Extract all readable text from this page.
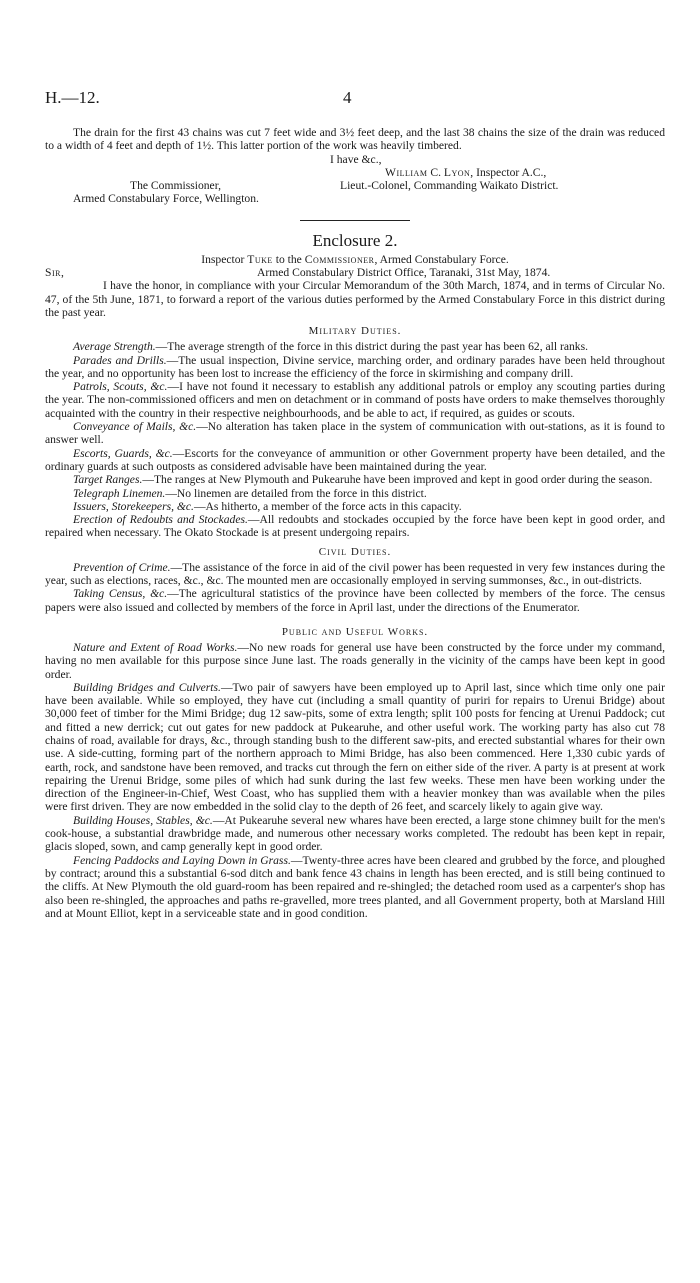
H.—12.	4

The drain for the first 43 chains was cut 7 feet wide and 3½ feet deep, and the last 38 chains the size of the drain was reduced to a width of 4 feet and depth of 1½. This latter portion of the work was heavily timbered.

I have &c.,
William C. Lyon, Inspector A.C.,
The Commissioner,	Lieut.-Colonel, Commanding Waikato District.
Armed Constabulary Force, Wellington.
Enclosure 2.
Inspector Tuke to the Commissioner, Armed Constabulary Force.
Sir,	Armed Constabulary District Office, Taranaki, 31st May, 1874.

I have the honor, in compliance with your Circular Memorandum of the 30th March, 1874, and in terms of Circular No. 47, of the 5th June, 1871, to forward a report of the various duties performed by the Armed Constabulary Force in this district during the past year.

Military Duties.

Average Strength.—The average strength of the force in this district during the past year has been 62, all ranks.

Parades and Drills.—The usual inspection, Divine service, marching order, and ordinary parades have been held throughout the year, and no opportunity has been lost to increase the efficiency of the force in skirmishing and company drill.

Patrols, Scouts, &c.—I have not found it necessary to establish any additional patrols or employ any scouting parties during the year. The non-commissioned officers and men on detachment or in command of posts have orders to make themselves thoroughly acquainted with the country in their respective neighbourhoods, and be able to act, if required, as guides or scouts.

Conveyance of Mails, &c.—No alteration has taken place in the system of communication with out-stations, as it is found to answer well.

Escorts, Guards, &c.—Escorts for the conveyance of ammunition or other Government property have been detailed, and the ordinary guards at such outposts as considered advisable have been maintained during the year.

Target Ranges.—The ranges at New Plymouth and Pukearuhe have been improved and kept in good order during the season.

Telegraph Linemen.—No linemen are detailed from the force in this district.

Issuers, Storekeepers, &c.—As hitherto, a member of the force acts in this capacity.

Erection of Redoubts and Stockades.—All redoubts and stockades occupied by the force have been kept in good order, and repaired when necessary. The Okato Stockade is at present undergoing repairs.

Civil Duties.

Prevention of Crime.—The assistance of the force in aid of the civil power has been requested in very few instances during the year, such as elections, races, &c., &c. The mounted men are occasionally employed in serving summonses, &c., in out-districts.

Taking Census, &c.—The agricultural statistics of the province have been collected by members of the force. The census papers were also issued and collected by members of the force in April last, under the directions of the Enumerator.

Public and Useful Works.

Nature and Extent of Road Works.—No new roads for general use have been constructed by the force under my command, having no men available for this purpose since June last. The roads generally in the vicinity of the camps have been kept in good order.

Building Bridges and Culverts.—Two pair of sawyers have been employed up to April last, since which time only one pair have been available. While so employed, they have cut (including a small quantity of puriri for repairs to Urenui Bridge) about 30,000 feet of timber for the Mimi Bridge; dug 12 saw-pits, some of extra length; split 100 posts for fencing at Urenui Paddock; cut and fitted a new derrick; cut out gates for new paddock at Pukearuhe, and other useful work. The working party has also cut 78 chains of road, available for drays, &c., through standing bush to the different saw-pits, and erected substantial whares for their own use. A side-cutting, forming part of the northern approach to Mimi Bridge, has also been commenced. Here 1,330 cubic yards of earth, rock, and sandstone have been removed, and tracks cut through the fern on either side of the river. A party is at present at work repairing the Urenui Bridge, some piles of which had sunk during the last few weeks. These men have been working under the direction of the Engineer-in-Chief, West Coast, who has supplied them with a heavier monkey than was available when the piles were first driven. They are now embedded in the solid clay to the depth of 26 feet, and scarcely likely to again give way.

Building Houses, Stables, &c.—At Pukearuhe several new whares have been erected, a large stone chimney built for the men's cook-house, a substantial drawbridge made, and numerous other necessary works completed. The redoubt has been kept in repair, glacis sloped, sown, and camp generally kept in good order.

Fencing Paddocks and Laying Down in Grass.—Twenty-three acres have been cleared and grubbed by the force, and ploughed by contract; around this a substantial 6-sod ditch and bank fence 43 chains in length has been erected, and is still being continued to the cliffs. At New Plymouth the old guard-room has been repaired and re-shingled; the detached room used as a carpenter's shop has also been re-shingled, the approaches and paths re-gravelled, more trees planted, and all Government property, both at Marsland Hill and at Mount Elliot, kept in a serviceable state and in good condition.
